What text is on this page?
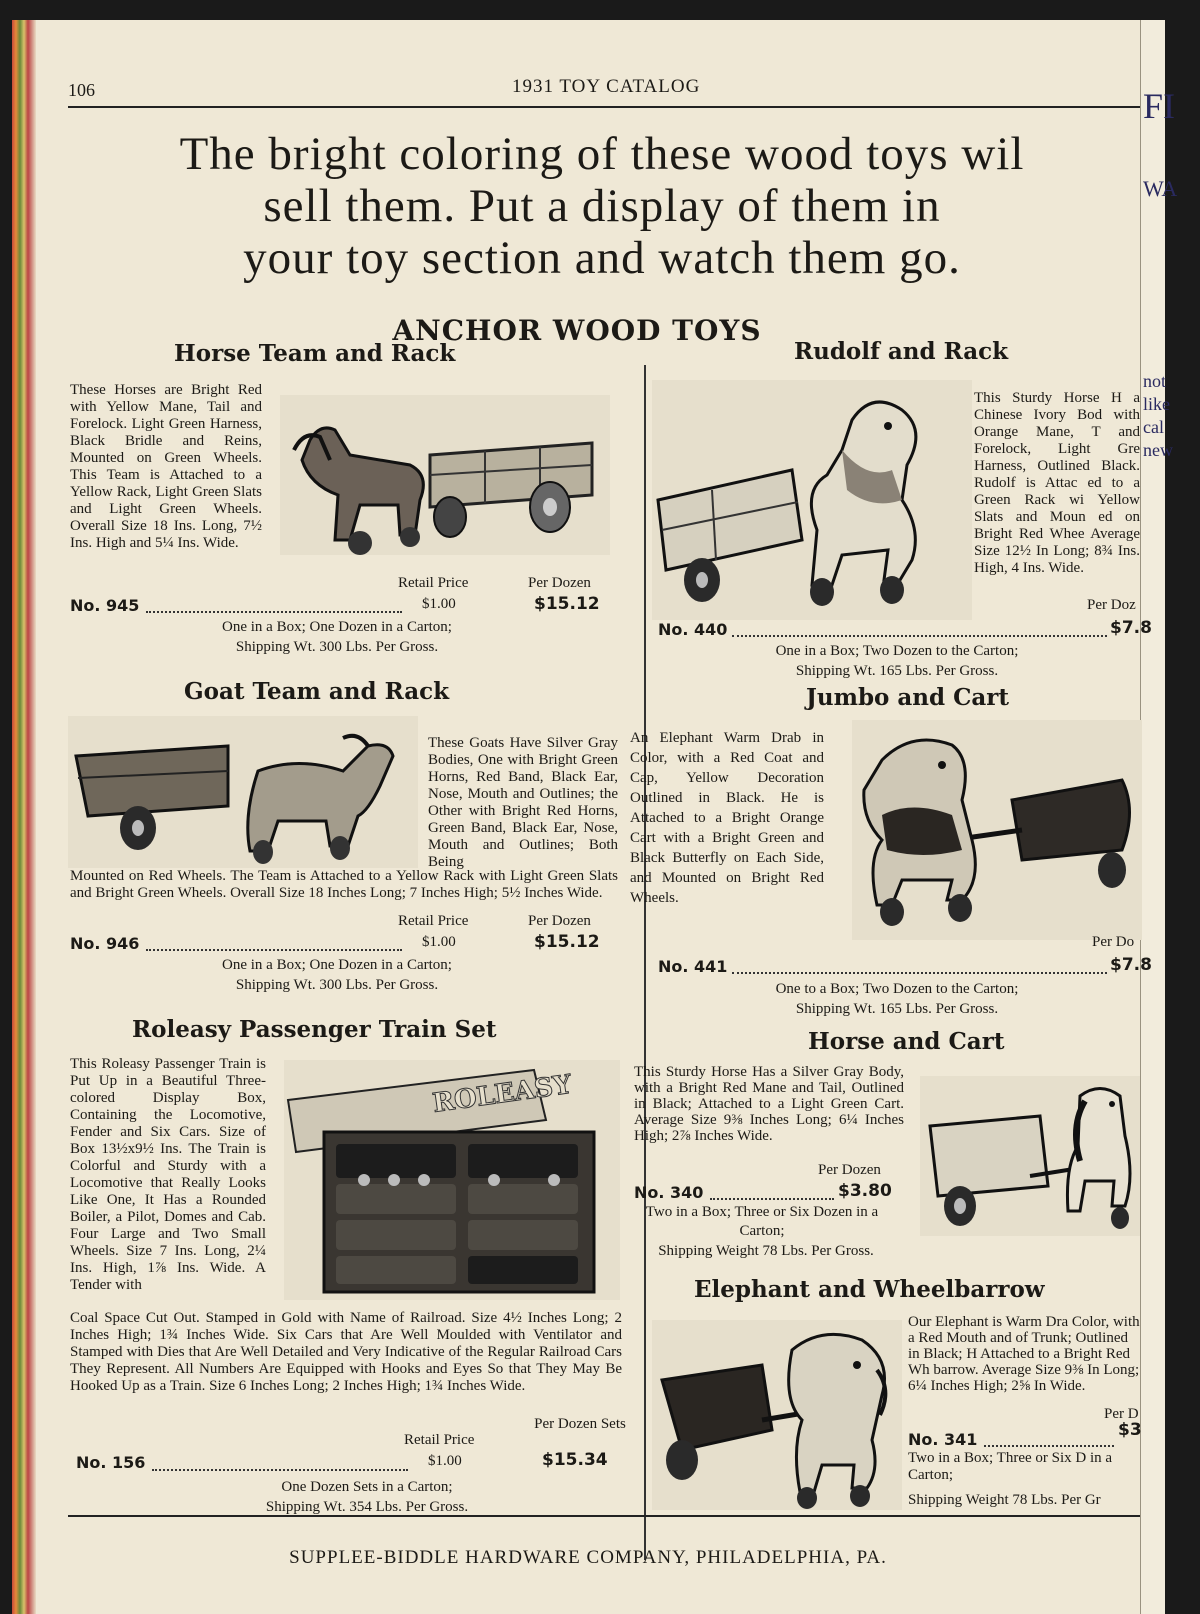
FI
WA
not
like
cal
new
106	1931 TOY CATALOG
The bright coloring of these wood toys wil
sell them. Put a display of them in
your toy section and watch them go.
ANCHOR WOOD TOYS
Horse Team and Rack
These Horses are Bright Red with Yellow Mane, Tail and Forelock. Light Green Harness, Black Bridle and Reins, Mounted on Green Wheels. This Team is Attached to a Yellow Rack, Light Green Slats and Light Green Wheels. Overall Size 18 Ins. Long, 7½ Ins. High and 5¼ Ins. Wide.
Retail Price	Per Dozen
No. 945	$1.00	$15.12
One in a Box; One Dozen in a Carton;
Shipping Wt. 300 Lbs. Per Gross.
Goat Team and Rack
These Goats Have Silver Gray Bodies, One with Bright Green Horns, Red Band, Black Ear, Nose, Mouth and Outlines; the Other with Bright Red Horns, Green Band, Black Ear, Nose, Mouth and Outlines; Both Being
Mounted on Red Wheels. The Team is Attached to a Yellow Rack with Light Green Slats and Bright Green Wheels. Overall Size 18 Inches Long; 7 Inches High; 5½ Inches Wide.
Retail Price	Per Dozen
No. 946	$1.00	$15.12
One in a Box; One Dozen in a Carton;
Shipping Wt. 300 Lbs. Per Gross.
Roleasy Passenger Train Set
This Roleasy Passenger Train is Put Up in a Beautiful Three-colored Display Box, Containing the Locomotive, Fender and Six Cars. Size of Box 13½x9½ Ins. The Train is Colorful and Sturdy with a Locomotive that Really Looks Like One, It Has a Rounded Boiler, a Pilot, Domes and Cab. Four Large and Two Small Wheels. Size 7 Ins. Long, 2¼ Ins. High, 1⅞ Ins. Wide. A Tender with
ROLEASY
Coal Space Cut Out. Stamped in Gold with Name of Railroad. Size 4½ Inches Long; 2 Inches High; 1¾ Inches Wide. Six Cars that Are Well Moulded with Ventilator and Stamped with Dies that Are Well Detailed and Very Indicative of the Regular Railroad Cars They Represent. All Numbers Are Equipped with Hooks and Eyes So that They May Be Hooked Up as a Train. Size 6 Inches Long; 2 Inches High; 1¾ Inches Wide.
Per Dozen Sets
Retail Price
No. 156	$1.00	$15.34
One Dozen Sets in a Carton;
Shipping Wt. 354 Lbs. Per Gross.
Rudolf and Rack
This Sturdy Horse H a Chinese Ivory Bod with Orange Mane, T and Forelock, Light Gre Harness, Outlined Black. Rudolf is Attac ed to a Green Rack wi Yellow Slats and Moun ed on Bright Red Whee Average Size 12½ In Long; 8¾ Ins. High, 4 Ins. Wide.
Per Doz
No. 440	$7.8
One in a Box; Two Dozen to the Carton;
Shipping Wt. 165 Lbs. Per Gross.
Jumbo and Cart
An Elephant Warm Drab in Color, with a Red Coat and Cap, Yellow Decoration Outlined in Black. He is Attached to a Bright Orange Cart with a Bright Green and Black Butterfly on Each Side, and Mounted on Bright Red Wheels.
Per Do
No. 441	$7.8
One to a Box; Two Dozen to the Carton;
Shipping Wt. 165 Lbs. Per Gross.
Horse and Cart
This Sturdy Horse Has a Silver Gray Body, with a Bright Red Mane and Tail, Outlined in Black; Attached to a Light Green Cart. Average Size 9⅜ Inches Long; 6¼ Inches High; 2⅞ Inches Wide.
Per Dozen
No. 340	$3.80
Two in a Box; Three or Six Dozen in a Carton;
Shipping Weight 78 Lbs. Per Gross.
Elephant and Wheelbarrow
Our Elephant is Warm Dra Color, with a Red Mouth and of Trunk; Outlined in Black; H Attached to a Bright Red Wh barrow. Average Size 9⅜ In Long; 6¼ Inches High; 2⅝ In Wide.
Per D
No. 341	$3
Two in a Box; Three or Six D in a Carton;
Shipping Weight 78 Lbs. Per Gr
SUPPLEE-BIDDLE HARDWARE COMPANY, PHILADELPHIA, PA.
